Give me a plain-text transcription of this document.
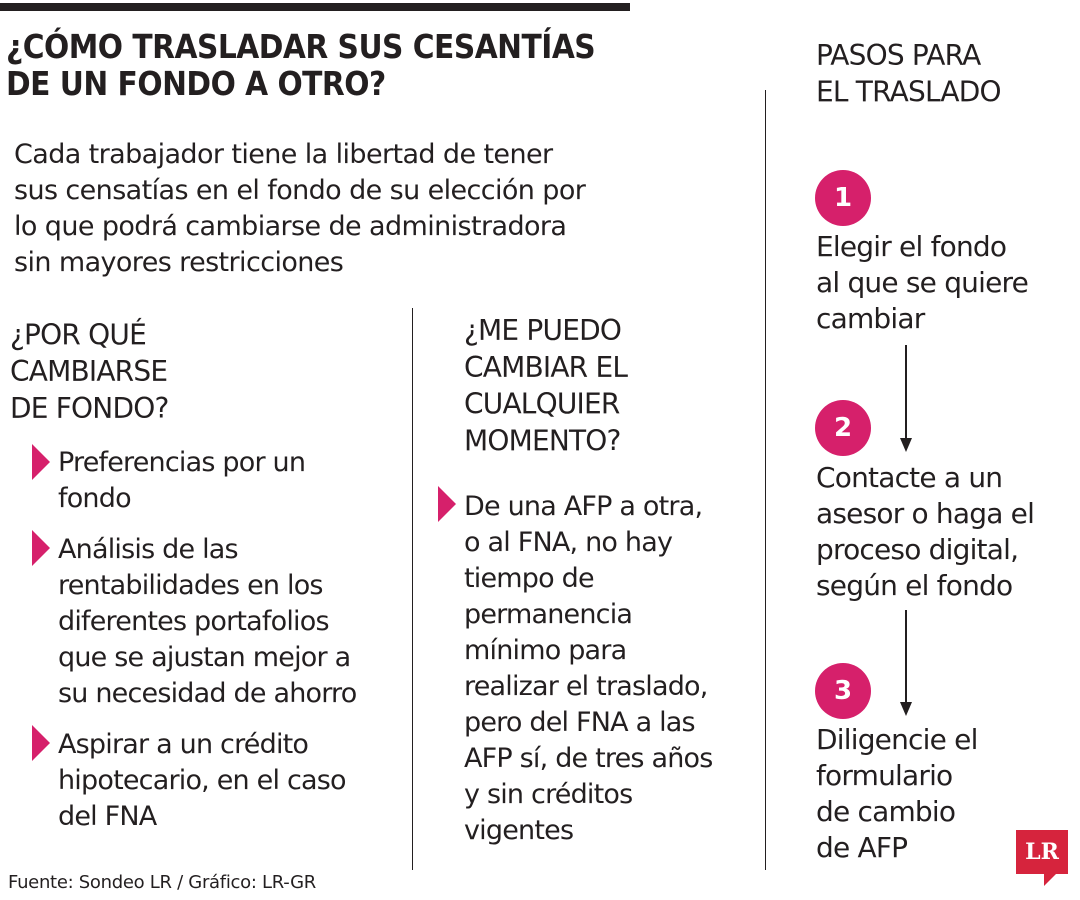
¿CÓMO TRASLADAR SUS CESANTÍAS
DE UN FONDO A OTRO?
Cada trabajador tiene la libertad de tener
sus censatías en el fondo de su elección por
lo que podrá cambiarse de administradora
sin mayores restricciones
¿POR QUÉ
CAMBIARSE
DE FONDO?
Preferencias por un
fondo
Análisis de las
rentabilidades en los
diferentes portafolios
que se ajustan mejor a
su necesidad de ahorro
Aspirar a un crédito
hipotecario, en el caso
del FNA
¿ME PUEDO
CAMBIAR EL
CUALQUIER
MOMENTO?
De una AFP a otra,
o al FNA, no hay
tiempo de
permanencia
mínimo para
realizar el traslado,
pero del FNA a las
AFP sí, de tres años
y sin créditos
vigentes
PASOS PARA
EL TRASLADO
1
Elegir el fondo
al que se quiere
cambiar
2
Contacte a un
asesor o haga el
proceso digital,
según el fondo
3
Diligencie el
formulario
de cambio
de AFP
Fuente: Sondeo LR / Gráfico: LR-GR
LR
